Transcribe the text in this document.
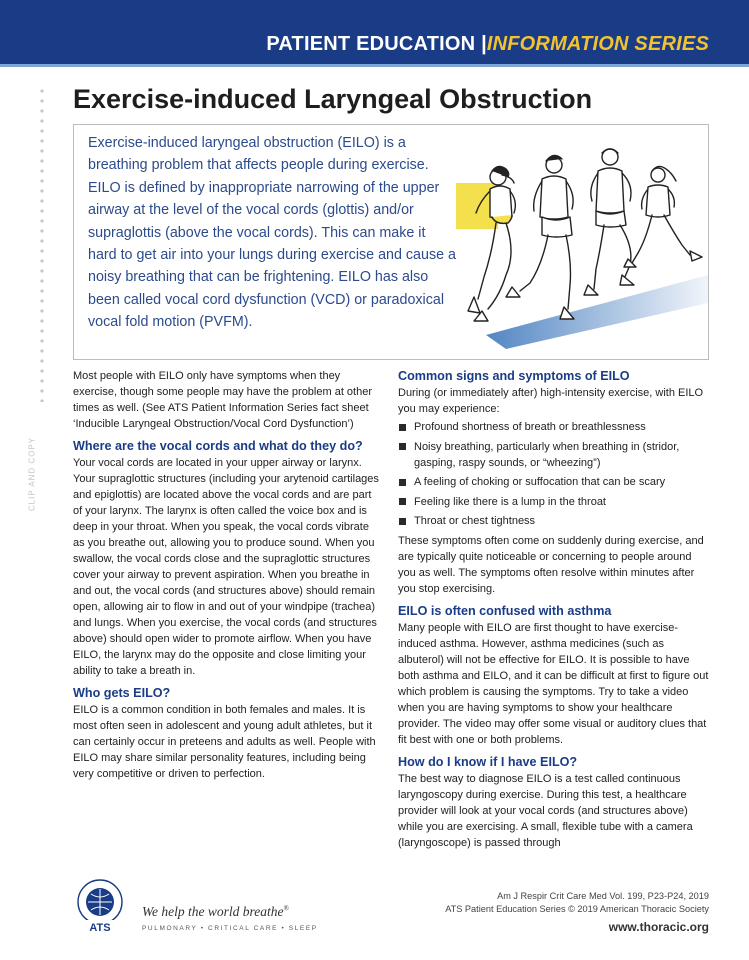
PATIENT EDUCATION |INFORMATION SERIES
CLIP AND COPY
Exercise-induced Laryngeal Obstruction

Exercise-induced laryngeal obstruction (EILO) is a breathing problem that affects people during exercise. EILO is defined by inappropriate narrowing of the upper airway at the level of the vocal cords (glottis) and/or supraglottis (above the vocal cords). This can make it hard to get air into your lungs during exercise and cause a noisy breathing that can be frightening. EILO has also been called vocal cord dysfunction (VCD) or paradoxical vocal fold motion (PVFM).

Most people with EILO only have symptoms when they exercise, though some people may have the problem at other times as well. (See ATS Patient Information Series fact sheet ‘Inducible Laryngeal Obstruction/Vocal Cord Dysfunction’)

Where are the vocal cords and what do they do?

Your vocal cords are located in your upper airway or larynx. Your supraglottic structures (including your arytenoid cartilages and epiglottis) are located above the vocal cords and are part of your larynx. The larynx is often called the voice box and is deep in your throat. When you speak, the vocal cords vibrate as you breathe out, allowing you to produce sound. When you swallow, the vocal cords close and the supraglottic structures cover your airway to prevent aspiration. When you breathe in and out, the vocal cords (and structures above) should remain open, allowing air to flow in and out of your windpipe (trachea) and lungs. When you exercise, the vocal cords (and structures above) should open wider to promote airflow. When you have EILO, the larynx may do the opposite and close limiting your ability to take a breath in.

Who gets EILO?

EILO is a common condition in both females and males. It is most often seen in adolescent and young adult athletes, but it can certainly occur in preteens and adults as well. People with EILO may share similar personality features, including being very competitive or driven to perfection.

Common signs and symptoms of EILO

During (or immediately after) high-intensity exercise, with EILO you may experience:

Profound shortness of breath or breathlessness
Noisy breathing, particularly when breathing in (stridor, gasping, raspy sounds, or “wheezing”)
A feeling of choking or suffocation that can be scary
Feeling like there is a lump in the throat
Throat or chest tightness

These symptoms often come on suddenly during exercise, and are typically quite noticeable or concerning to people around you as well. The symptoms often resolve within minutes after you stop exercising.

EILO is often confused with asthma

Many people with EILO are first thought to have exercise-induced asthma. However, asthma medicines (such as albuterol) will not be effective for EILO. It is possible to have both asthma and EILO, and it can be difficult at first to figure out which problem is causing the symptoms. Try to take a video when you are having symptoms to show your healthcare provider. The video may offer some visual or auditory clues that fit best with one or both problems.

How do I know if I have EILO?

The best way to diagnose EILO is a test called continuous laryngoscopy during exercise. During this test, a healthcare provider will look at your vocal cords (and structures above) while you are exercising. A small, flexible tube with a camera (laryngoscope) is passed through

ATS
We help the world breathe®
PULMONARY • CRITICAL CARE • SLEEP
Am J Respir Crit Care Med Vol. 199, P23-P24, 2019
ATS Patient Education Series © 2019 American Thoracic Society
www.thoracic.org
